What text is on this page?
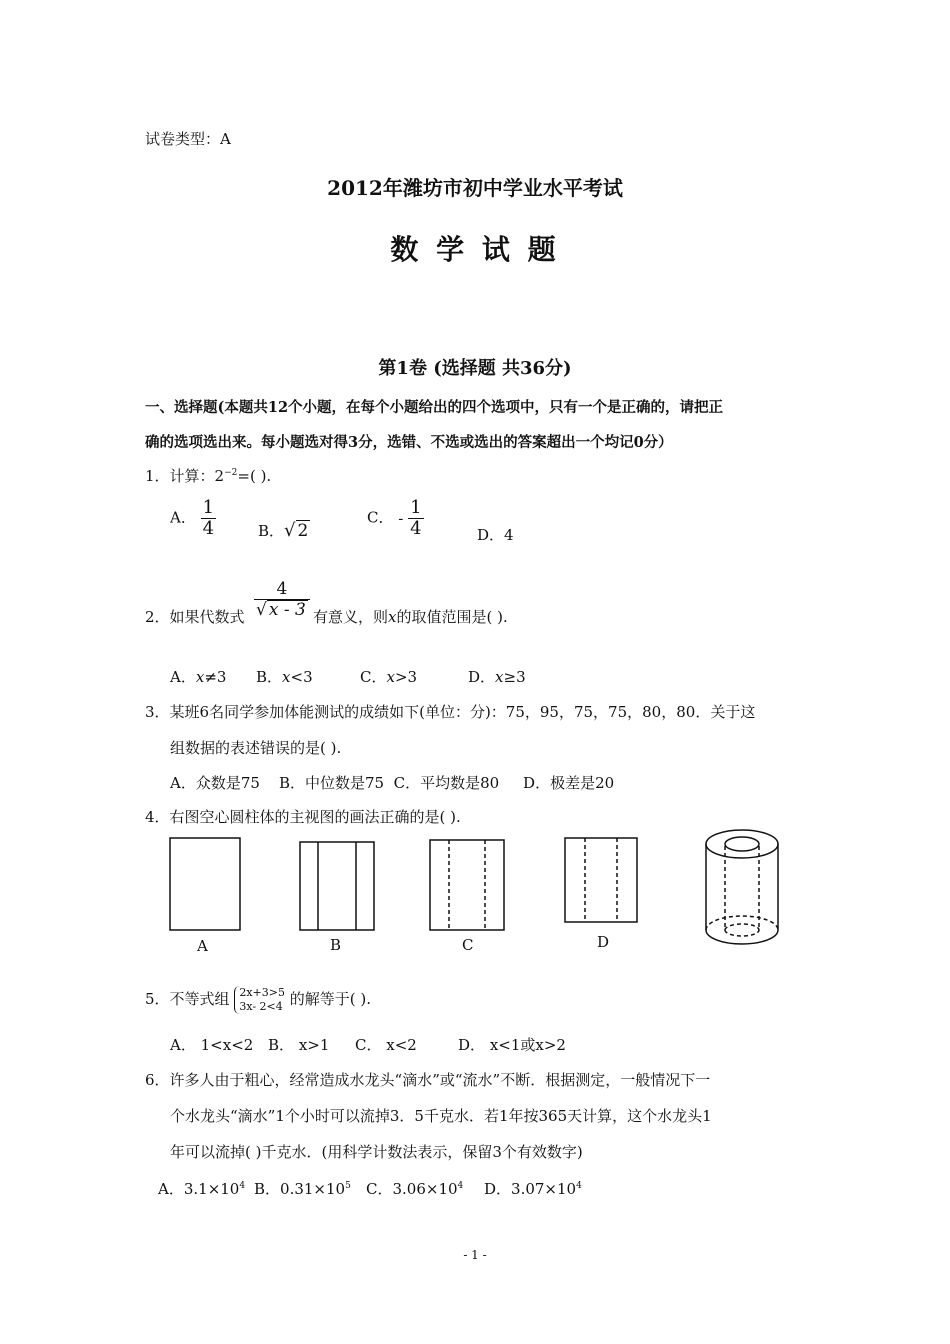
试卷类型：A
2012年潍坊市初中学业水平考试
数 学 试 题
第1卷 (选择题 共36分)
一、选择题(本题共12个小题，在每个小题给出的四个选项中，只有一个是正确的，请把正
确的选项选出来。每小题选对得3分，选错、不选或选出的答案超出一个均记0分）
1．计算：$2^{-2}=$( ).
A． $\frac{1}{4}$	B．√ 2
C． - $\frac{1}{4}$	D．4
2．如果代数式 $\frac{4}{√ x - 3}$ 有意义，则x的取值范围是( ).
A．x≠3 B．x<3	C．x>3	D．x≥3
3．某班6名同学参加体能测试的成绩如下(单位：分)：75，95，75，75，80，80．关于这
组数据的表述错误的是( ).
A．众数是75    B．中位数是75  C．平均数是80     D．极差是20
4．右图空心圆柱体的主视图的画法正确的是( ).
A	B	C	D
5．不等式组 2x+3>5
3x- 2<4 的解等于( ).
A． 1<x<2 B． x>1 C． x<2	D． x<1或x>2
6．许多人由于粗心，经常造成水龙头“滴水”或“流水”不断．根据测定，一般情况下一
个水龙头“滴水”1个小时可以流掉3．5千克水．若1年按365天计算，这个水龙头1
年可以流掉( )千克水．(用科学计数法表示，保留3个有效数字)
A．$3.1\times 10^4$ B．$0.31\times 10^5$ C．$3.06\times 10^4$ D．$3.07\times 10^4$
- 1 -
